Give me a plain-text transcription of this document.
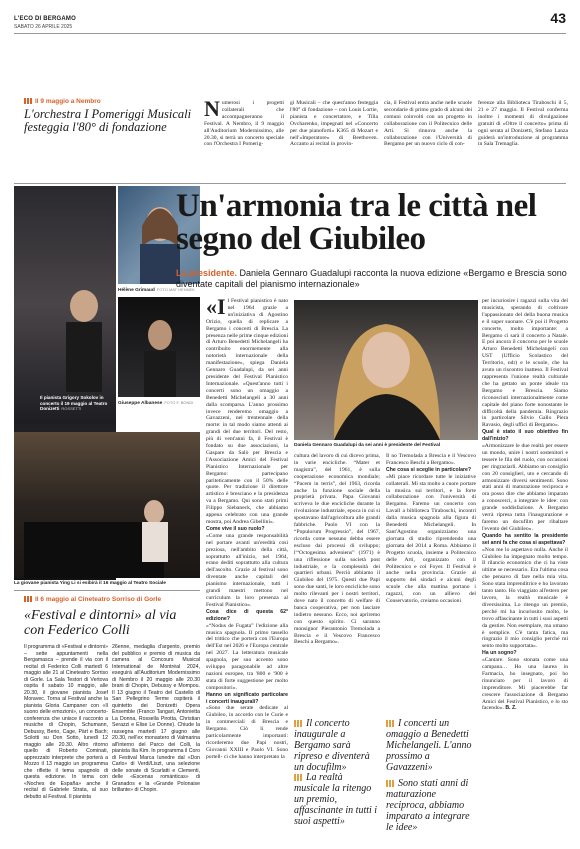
L'ECO DI BERGAMO
SABATO 26 APRILE 2025
43
Il 9 maggio a Nembro
L'orchestra I Pomeriggi Musicali festeggia l'80° di fondazione
Numerosi i progetti collaterali che accompagneranno il Festival. A Nembro, il 9 maggio all'Auditorium Modernissimo, alle 20.30, si terrà un concerto speciale con l'Orchestra I Pomerig-
gi Musicali – che quest'anno festeggia l'80° di fondazione – con Louis Lortie, pianista e concertatore, e Tilla Ovcharenko, impegnati nel «Concerto per due pianoforti» K365 di Mozart e nell'«Imperatore» di Beethoven. Accanto ai recital in provin-
cia, il Festival entra anche nelle scuole secondarie di primo grado di alcuni dei comuni coinvolti con un progetto in collaborazione con il Politecnico delle Arti. Si rinnova anche la collaborazione con l'Università di Bergamo per un nuovo ciclo di con-
ferenze alla Biblioteca Tiraboschi il 5, 21 e 27 maggio. Il Festival conferma inoltre i momenti di divulgazione gratuiti di «Oltre il concerto» prima di ogni serata al Donizetti, Stefano Lanza guiderà un'introduzione al programma in Sala Tremaglia.
Il pianista Grigory Sokolov in concerto il 19 maggio al Teatro Donizetti ROSSETTI
Hélène Grimaud FOTO MAT HENNEK
Giuseppe Albanese FOTO F. BONDI
La giovane pianista Ying Li si esibirà il 16 maggio al Teatro Sociale
Un'armonia tra le città nel segno del Giubileo
La presidente. Daniela Gennaro Guadalupi racconta la nuova edizione «Bergamo e Brescia sono diventate capitali del pianismo internazionale»
«Il Festival pianistico è nato nel 1964 grazie a un'iniziativa di Agostino Orizio, quella di replicare a Bergamo i concerti di Brescia. La presenza nelle prime cinque edizioni di Arturo Benedetti Michelangeli ha contribuito enormemente alla notorietà internazionale della manifestazione», spiega Daniela Gennaro Guadalupi, da sei anni presidente del Festival Pianistico Internazionale. «Quest'anno tutti i concerti sono un omaggio a Benedetti Michelangeli a 30 anni dalla scomparsa. L'anno prossimo invece renderemo omaggio a Gavazzeni, nel trentennale della morte: in tal modo siamo attenti ai grandi del due territori. Del resto, più di vent'anni fa, il Festival è fondato su due associazioni, la Gaspare da Salò per Brescia e l'Associazione Amici del Festival Pianistico Internazionale per Bergamo: partecipano pariteticamente con il 50% delle quote. Per tradizione il direttore artistico è bresciano e la presidenza va a Bergamo. Qui sono stati primi Filippo Siebaneck, che abbiamo appena celebrato con una grande mostra, poi Andrea Gibellini».
Come vive il suo ruolo?
«Come una grande responsabilità nel portare avanti un'eredità così preziosa, nell'ambito della città, soprattutto all'inizio, nel 1964, erano dediti soprattutto alla cultura dell'ascolto. Grazie al festival sono diventate anche capitali del pianismo internazionale, tutti i grandi maestri mettono nel curriculum la loro presenza al Festival Pianistico».
Cosa dice di questa 62ª edizione?
«“Nodus de Fugata” l'edizione alla musica spagnola. Il primo tassello del trittico che porterà con l'Europa dell'Est nel 2026 e l'Europa centrale nel 2027. La letteratura musicale spagnola, per suo accento sono sviluppo paragonabile ad altre nazioni europee, tra '800 e '900 è stata di forte suggestione per molto compositori».
Hanno un significato particolare i concerti inaugurali?
«Sono due serate dedicate al Giubileo, in accordo con le Curie e in commerciali di Brescia e Bergamo. Ciò li rende particolarmente importanti: ricorderemo due Papi nostri, Giovanni XXIII e Paolo VI. Sono portell- ci che hanno interpretato la
Daniela Gennaro Guadalupi da sei anni è presidente del Festival
cultura del lavoro di cui dicevo prima, in varie encicliche. “Mater et magistra”, del 1961, è sulla cooperazione economica mondiale; “Pacem in terris”, del 1963, ricorda anche la funzione sociale della proprietà privata. Papa Giovanni scriveva le due encicliche durante la rivoluzione industriale, epoca in cui si spostavano dall'agricoltura alle grandi fabbriche. Paolo VI con la “Populorum Progressio”, del 1967, ricorda come nessuno debba essere escluso dai processi di sviluppo; l'“Octogesima adveniens” (1971) è una riflessione sulla società post industriale, e la complessità dei quartieri urbani. Perciò abbiamo il Giubileo del 1975. Questi due Papi sono due santi, le loro encicliche sono molto rilevanti per i nostri territori, dove nato il concetto di welfare di banca cooperativa, per non lasciare indietro nessuno. Ecco, noi apriremo con questo spirito. Ci saranno monsignor Pierantonio Tremolada a Brescia e il Vescovo Francesco Beschi a Bergamo».
Il no Tremolada a Brescia e il Vescovo Francesco Beschi a Bergamo».
Che cosa si sceglie in particolare?
«Mi piace ricordare tutte le iniziative collaterali. Mi sta molto a cuore portare la musica sui territori, e la forte collaborazione con l'università di Bergamo. Faremo un concerto con Lavall a biblioteca Tiraboschi, incontri dalla musica spagnola alla figura di Benedetti Michelangeli. In Sant'Agostino organizziamo una giornata di studio riprendendo una giornata del 2014 a Roma. Abbiamo il Progetto scuola, insieme a Politecnico delle Arti, organizzato con il Politecnico e col Foyer. Il Festival è anche nella provincia. Grazie al supporto dei sindaci e alcuni degli scuole che alla mattina portano i ragazzi, con un allievo del Conservatorio, creiamo occasioni
per incuriosire i ragazzi sulla vita del musicista, sperando di coltivare l'appassionato del della buona musica e il super suonare. C'è poi il Progetto concerte, molto importante: a Bergamo ci sarà il concerto a Natale. E poi ancora il concorso per le scuole Arturo Benedetti Michelangeli con UST (Ufficio Scolastico del Territorio, ndr) e le scuole, che ha avuto un riscontro inatteso. Il Festival rappresenta l'unione realtà culturale che ha gettato un ponte ideale tra Bergamo e Brescia. Siamo riconosciuti internazionalmente come capitale del piano forte nonostante le difficoltà della pandemia. Ringrazio in particolare Silvio Gallo Piera Ravasio, degli uffici di Bergamo».
Qual è stato il suo obiettivo fin dall'inizio?
«Armonizzare le due realtà per essere un mondo, unire i nostri sostenitori e tessere le fila del ruolo, con occasioni per ringraziarli. Abbiamo un consiglio con 20 consiglieri, uto e cercando di armonizzare diversi sentimenti. Sono stati anni di maturazione reciproca e ora posso dire che abbiamo imparato a conoscerci, a integrare le idee: con grande soddisfazione. A Bergamo verrà ripresa tutta l'inaugurazione e faremo un docufilm per ribaltare l'evento del Giubileo».
Quando ha sentito la presidente sei anni fa che cosa si aspettava?
«Non me lo aspettavo nulla. Anche il Giubileo ha impegnato molto tempo. Il rilancio economico che ci ha viste ultime se necessario. Era l'ultima cosa che pensavo di fare nella mia vita. Sono stata imprenditrice e ho lavorato tanto tanto. Ho viaggiato all'estero per lavoro, la realtà musicale è diversissima. Lo ritengo un premio, perché mi ha incuriosito molto, le trovo affascinante in tutti i suoi aspetti da gestire. Non esemplare, ma umano è semplice. C'è tanta fatica, ma ringrazio il mio consiglio perché mi sento molto supportata».
Ha un sogno?
«Cantare. Sono stonata come una campana… Ho una laurea in Farmacia, ho insegnato, poi ho rinunciato per il lavoro di imprenditore. Mi piacerebbe far crescere l'associazione di Bergamo Amici del Festival Pianistico, e lo sto facendo». B. Z.
Il concerto inaugurale a Bergamo sarà ripreso e diventerà un docufilm»
I concerti un omaggio a Benedetti Michelangeli. L'anno prossimo a Gavazzeni»
La realtà musicale la ritengo un premio, affascinante in tutti i suoi aspetti»
Sono stati anni di maturazione reciproca, abbiamo imparato a integrare le idee»
Il 6 maggio al Cineteatro Sorriso di Gorle
«Festival e dintorni» al via con Federico Colli
Il programma di «Festival e dintorni» – sette appuntamenti nella Bergamasca – prende il via con il recital di Federico Colli martedì 6 maggio alle 21 al Cineteatro Sorriso di Gorle. La Sala Testori di Vertova ospita il sabato 10 maggio, alle 20.30, il giovane pianista Josef Moravec. Torna al Festival anche la pianista Gloria Campaner con «Il suono delle emozioni», un concerto-conferenza che unisce il racconto a musiche di Chopin, Schumann, Debussy, Berio, Cage, Pärt e Bach; Scilotti su Don Sotto, lunedì 12 maggio alle 20.30. Altro ritorno quello di Roberto Cominati, apprezzato interprete che porterà a Mozzo il 13 maggio un programma che riflette il tema spagnolo di questa edizione. In tema con «Noches de España» anche il recital di Gabriele Strata, al suo debutto al Festival. Il pianista
26enne, medaglia d'argento, premio del pubblico e premio di musica da camera al Concours Musical International de Montréal 2024, eseguirà all'Auditorium Modernissimo di Nembro il 20 maggio alle 20.30 brani di Chopin, Debussy e Mompou. Il 13 giugno il Teatro del Castello di San Pellegrino Terme ospiterà il quintetto dei Donizetti Opera Ensemble (Franco Tangari, Antonietta La Donna, Rossella Pirotta, Christian Serazzi e Elise Le Donne). Chiude la rassegna martedì 17 giugno alle 20.30, nell'ex monastero di Valmarina all'interno del Parco dei Colli, la pianista Ilia Kim. In programma il Coro di Festival Marca Iunedre dal «Don Carlo» di Verdi/Liszt, una selezione delle sonate di Scarlatti e Clementi, delle «Escenas románticas» di Granados e la «Grande Polonaise brillante» di Chopin.
